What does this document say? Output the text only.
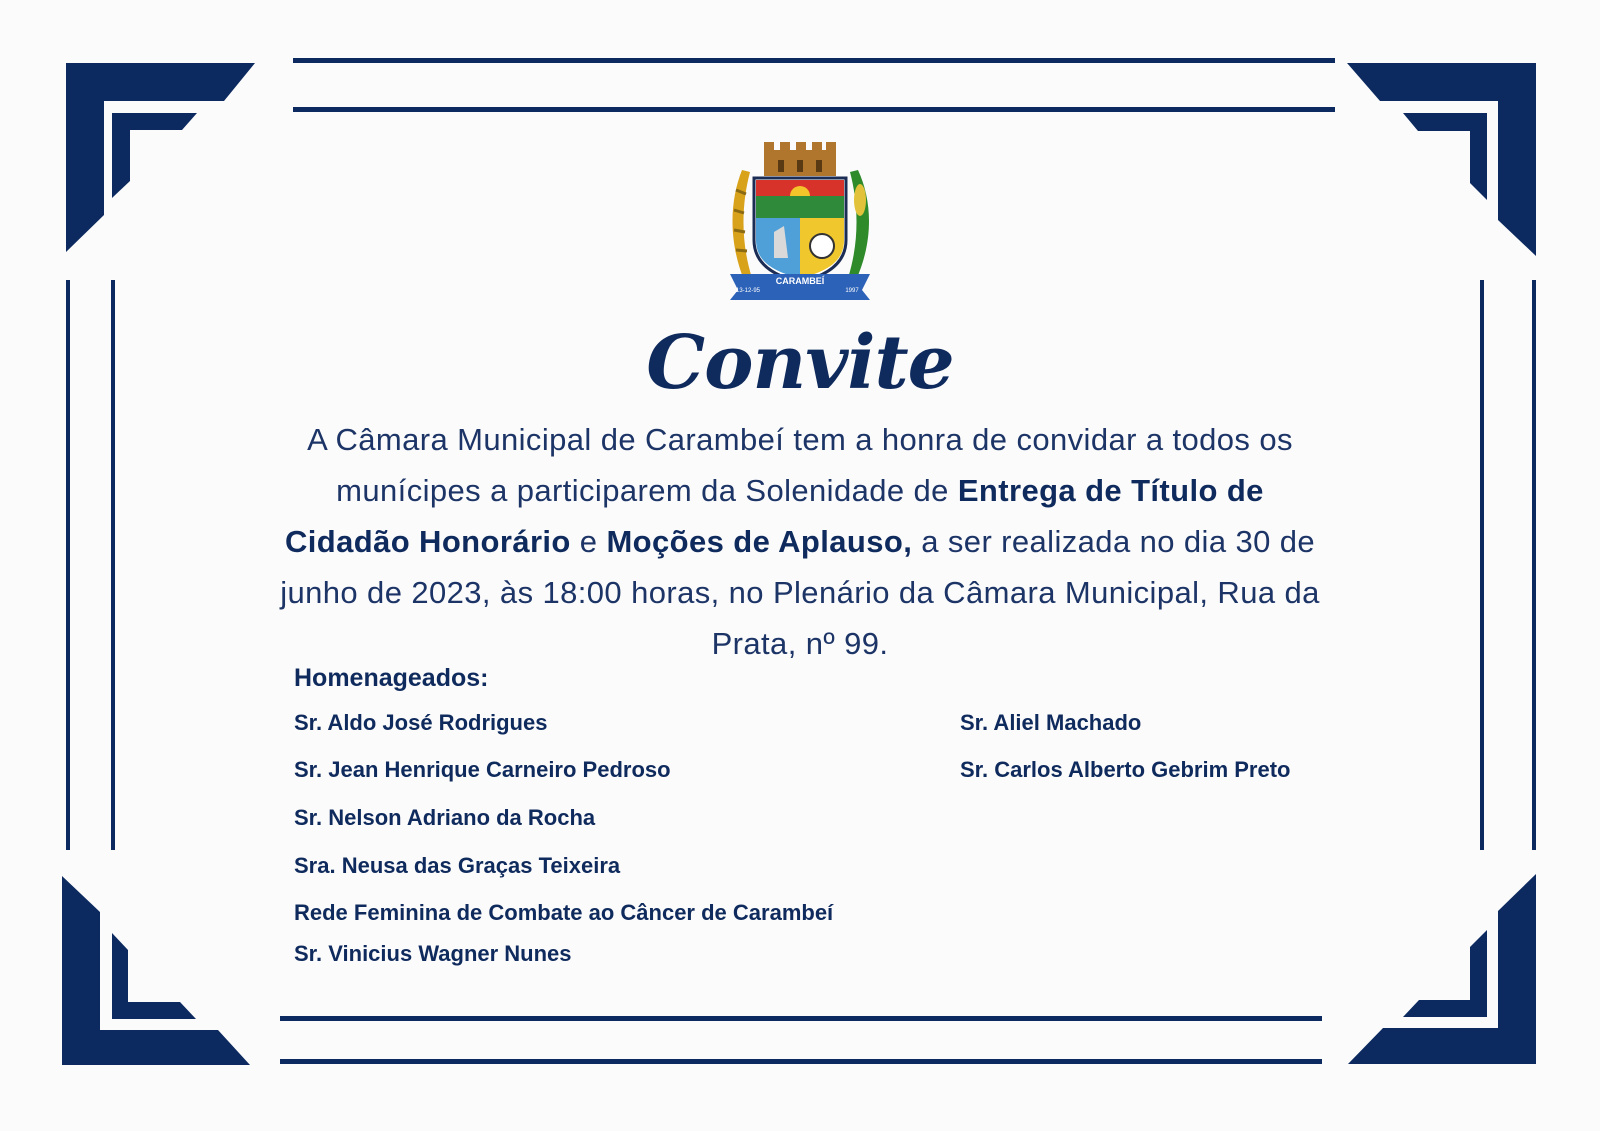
CARAMBEÍ
13-12-95	1997
Convite
A Câmara Municipal de Carambeí tem a honra de convidar a todos os munícipes a participarem da Solenidade de Entrega de Título de Cidadão Honorário e Moções de Aplauso, a ser realizada no dia 30 de junho de 2023, às 18:00 horas, no Plenário da Câmara Municipal, Rua da Prata, nº 99.
Homenageados:
Sr. Aldo José Rodrigues
Sr. Jean Henrique Carneiro Pedroso
Sr. Nelson Adriano da Rocha
Sra. Neusa das Graças Teixeira
Rede Feminina de Combate ao Câncer de Carambeí
Sr. Vinicius Wagner Nunes
Sr. Aliel Machado
Sr. Carlos Alberto Gebrim Preto
